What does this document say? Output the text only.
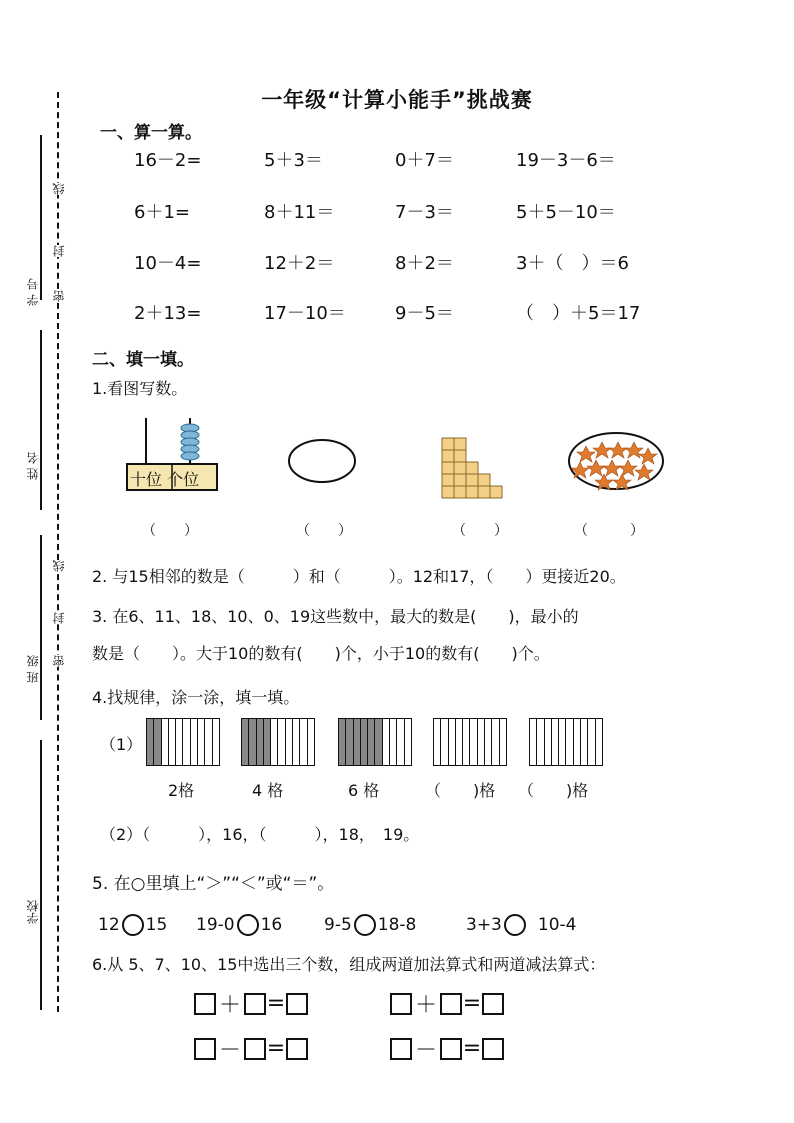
学 号
姓 名
班 级
学校
线
封
密
线
封
密
一年级“计算小能手”挑战赛
一、算一算。
16－2=	5＋3＝	0＋7＝	19－3－6＝
6＋1=	8＋11＝	7－3＝	5＋5－10＝
10－4=	12＋2＝	8＋2＝	3＋（　）＝6
2＋13=	17－10＝	9－5＝	（　）＋5＝17
二、填一填。
1.看图写数。
十位 个位
（　　）	（　　）	（　　）	（　　　）
2. 与15相邻的数是（　　　）和（　　　）。12和17，（　　）更接近20。
3. 在6、11、18、10、0、19这些数中，最大的数是(　　)，最小的
数是（　　）。大于10的数有(　　)个，小于10的数有(　　)个。
4.找规律，涂一涂，填一填。
（1）
2格	4 格	6 格	（　　)格 （　　)格
（2）（　　　），16，（　　　），18，　19。
5. 在○里填上“＞”“＜”或“＝”。
12 15 19-0 16 9-5 18-8	3+3 10-4
6.从 5、7、10、15中选出三个数，组成两道加法算式和两道减法算式：
＋ =	＋ =
－ =	－ =
